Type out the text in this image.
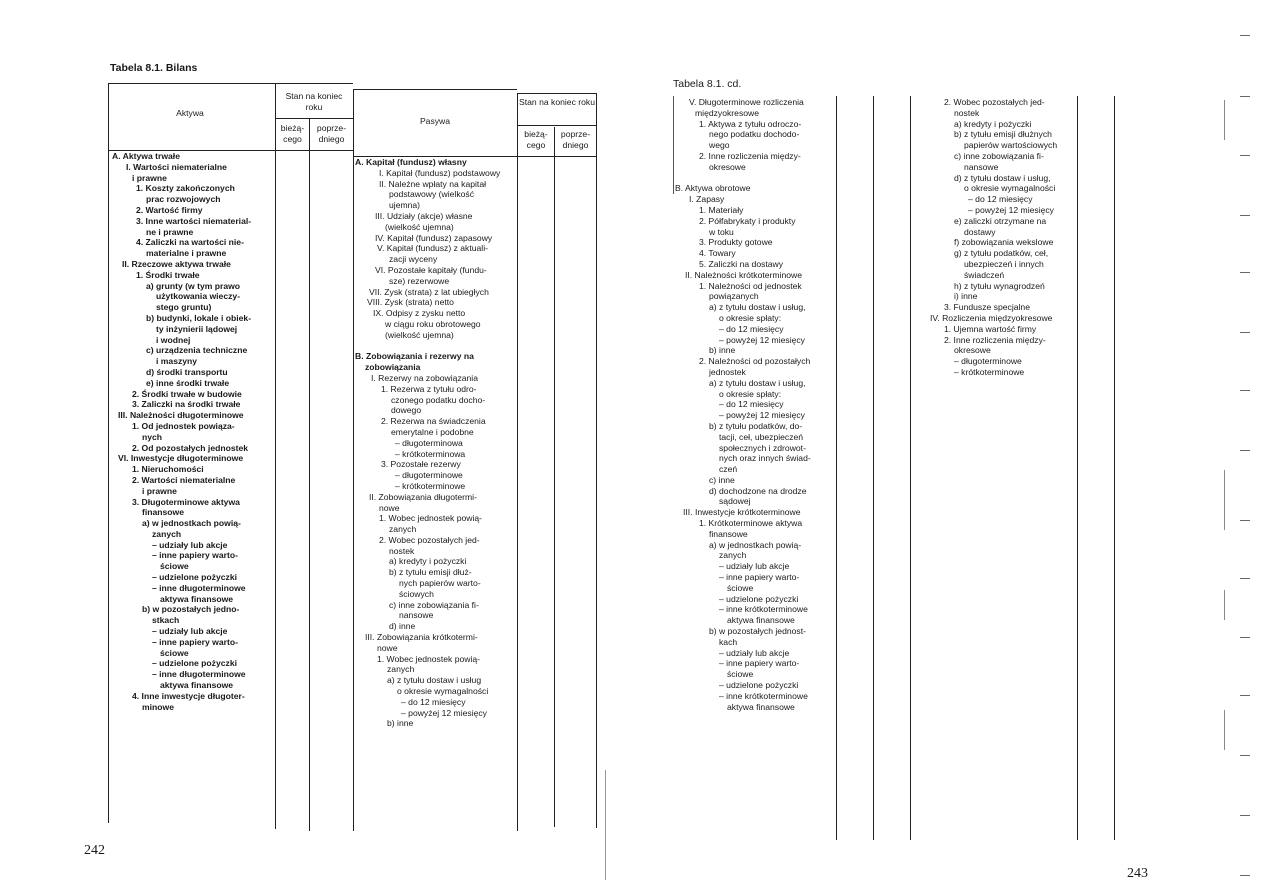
Tabela 8.1. Bilans
Aktywa
Stan na koniec roku
bieżą-
cego
poprze-
dniego
Pasywa
Stan na koniec roku
bieżą-
cego
poprze-
dniego
A. Aktywa trwałe
I. Wartości niematerialne
i prawne
1. Koszty zakończonych
prac rozwojowych
2. Wartość firmy
3. Inne wartości niematerial-
ne i prawne
4. Zaliczki na wartości nie-
materialne i prawne
II. Rzeczowe aktywa trwałe
1. Środki trwałe
a) grunty (w tym prawo
użytkowania wieczy-
stego gruntu)
b) budynki, lokale i obiek-
ty inżynierii lądowej
i wodnej
c) urządzenia techniczne
i maszyny
d) środki transportu
e) inne środki trwałe
2. Środki trwałe w budowie
3. Zaliczki na środki trwałe
III. Należności długoterminowe
1. Od jednostek powiąza-
nych
2. Od pozostałych jednostek
VI. Inwestycje długoterminowe
1. Nieruchomości
2. Wartości niematerialne
i prawne
3. Długoterminowe aktywa
finansowe
a) w jednostkach powią-
zanych
– udziały lub akcje
– inne papiery warto-
ściowe
– udzielone pożyczki
– inne długoterminowe
aktywa finansowe
b) w pozostałych jedno-
stkach
– udziały lub akcje
– inne papiery warto-
ściowe
– udzielone pożyczki
– inne długoterminowe
aktywa finansowe
4. Inne inwestycje długoter-
minowe
A. Kapitał (fundusz) własny
I. Kapitał (fundusz) podstawowy
II. Należne wpłaty na kapitał
podstawowy (wielkość
ujemna)
III. Udziały (akcje) własne
(wielkość ujemna)
IV. Kapitał (fundusz) zapasowy
V. Kapitał (fundusz) z aktuali-
zacji wyceny
VI. Pozostałe kapitały (fundu-
sze) rezerwowe
VII. Zysk (strata) z lat ubiegłych
VIII. Zysk (strata) netto
IX. Odpisy z zysku netto
w ciągu roku obrotowego
(wielkość ujemna)

B. Zobowiązania i rezerwy na
zobowiązania
I. Rezerwy na zobowiązania
1. Rezerwa z tytułu odro-
czonego podatku docho-
dowego
2. Rezerwa na świadczenia
emerytalne i podobne
– długoterminowa
– krótkoterminowa
3. Pozostałe rezerwy
– długoterminowe
– krótkoterminowe
II. Zobowiązania długotermi-
nowe
1. Wobec jednostek powią-
zanych
2. Wobec pozostałych jed-
nostek
a) kredyty i pożyczki
b) z tytułu emisji dłuż-
nych papierów warto-
ściowych
c) inne zobowiązania fi-
nansowe
d) inne
III. Zobowiązania krótkotermi-
nowe
1. Wobec jednostek powią-
zanych
a) z tytułu dostaw i usług
o okresie wymagalności
– do 12 miesięcy
– powyżej 12 miesięcy
b) inne
242
Tabela 8.1. cd.
V. Długoterminowe rozliczenia
międzyokresowe
1. Aktywa z tytułu odroczo-
nego podatku dochodo-
wego
2. Inne rozliczenia między-
okresowe

B. Aktywa obrotowe
I. Zapasy
1. Materiały
2. Półfabrykaty i produkty
w toku
3. Produkty gotowe
4. Towary
5. Zaliczki na dostawy
II. Należności krótkoterminowe
1. Należności od jednostek
powiązanych
a) z tytułu dostaw i usług,
o okresie spłaty:
– do 12 miesięcy
– powyżej 12 miesięcy
b) inne
2. Należności od pozostałych
jednostek
a) z tytułu dostaw i usług,
o okresie spłaty:
– do 12 miesięcy
– powyżej 12 miesięcy
b) z tytułu podatków, do-
tacji, ceł, ubezpieczeń
społecznych i zdrowot-
nych oraz innych świad-
czeń
c) inne
d) dochodzone na drodze
sądowej
III. Inwestycje krótkoterminowe
1. Krótkoterminowe aktywa
finansowe
a) w jednostkach powią-
zanych
– udziały lub akcje
– inne papiery warto-
ściowe
– udzielone pożyczki
– inne krótkoterminowe
aktywa finansowe
b) w pozostałych jednost-
kach
– udziały lub akcje
– inne papiery warto-
ściowe
– udzielone pożyczki
– inne krótkoterminowe
aktywa finansowe
2. Wobec pozostałych jed-
nostek
a) kredyty i pożyczki
b) z tytułu emisji dłużnych
papierów wartościowych
c) inne zobowiązania fi-
nansowe
d) z tytułu dostaw i usług,
o okresie wymagalności
– do 12 miesięcy
– powyżej 12 miesięcy
e) zaliczki otrzymane na
dostawy
f) zobowiązania wekslowe
g) z tytułu podatków, ceł,
ubezpieczeń i innych
świadczeń
h) z tytułu wynagrodzeń
i) inne
3. Fundusze specjalne
IV. Rozliczenia międzyokresowe
1. Ujemna wartość firmy
2. Inne rozliczenia między-
okresowe
– długoterminowe
– krótkoterminowe
243
